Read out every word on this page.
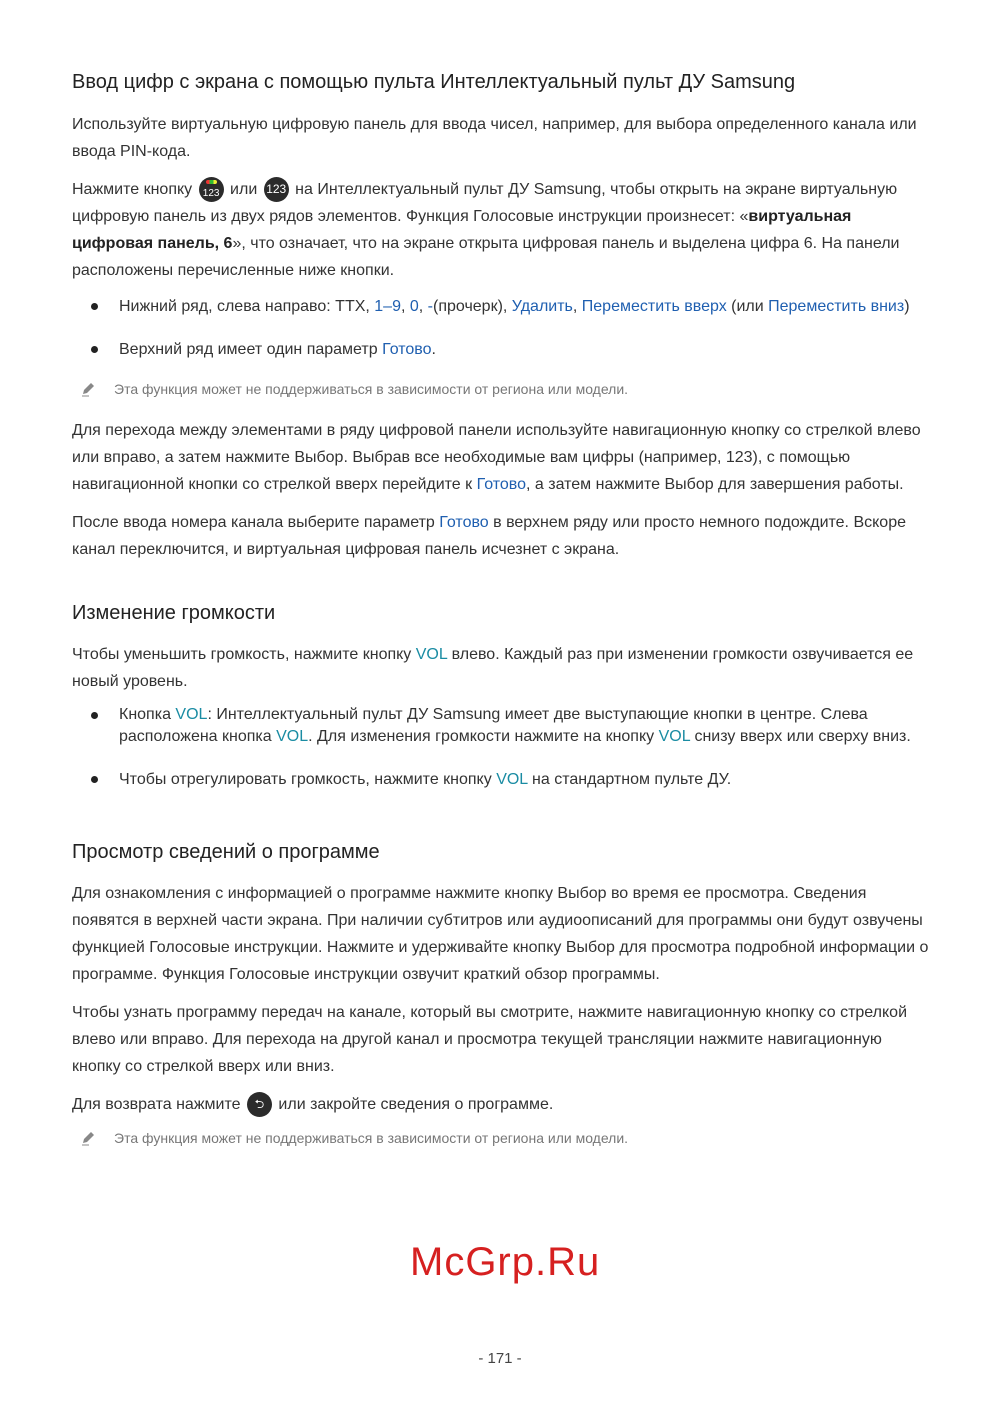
Ввод цифр с экрана с помощью пульта Интеллектуальный пульт ДУ Samsung
Используйте виртуальную цифровую панель для ввода чисел, например, для выбора определенного канала или ввода PIN-кода.
Нажмите кнопку $_{123}$ или 123 на Интеллектуальный пульт ДУ Samsung, чтобы открыть на экране виртуальную цифровую панель из двух рядов элементов. Функция Голосовые инструкции произнесет: «виртуальная цифровая панель, 6», что означает, что на экране открыта цифровая панель и выделена цифра 6. На панели расположены перечисленные ниже кнопки.
Нижний ряд, слева направо: TTX, 1–9, 0, -(прочерк), Удалить, Переместить вверх (или Переместить вниз)
Верхний ряд имеет один параметр Готово.
Эта функция может не поддерживаться в зависимости от региона или модели.
Для перехода между элементами в ряду цифровой панели используйте навигационную кнопку со стрелкой влево или вправо, а затем нажмите Выбор. Выбрав все необходимые вам цифры (например, 123), с помощью навигационной кнопки со стрелкой вверх перейдите к Готово, а затем нажмите Выбор для завершения работы.
После ввода номера канала выберите параметр Готово в верхнем ряду или просто немного подождите. Вскоре канал переключится, и виртуальная цифровая панель исчезнет с экрана.
Изменение громкости
Чтобы уменьшить громкость, нажмите кнопку VOL влево. Каждый раз при изменении громкости озвучивается ее новый уровень.
Кнопка VOL: Интеллектуальный пульт ДУ Samsung имеет две выступающие кнопки в центре. Слева расположена кнопка VOL. Для изменения громкости нажмите на кнопку VOL снизу вверх или сверху вниз.
Чтобы отрегулировать громкость, нажмите кнопку VOL на стандартном пульте ДУ.
Просмотр сведений о программе
Для ознакомления с информацией о программе нажмите кнопку Выбор во время ее просмотра. Сведения появятся в верхней части экрана. При наличии субтитров или аудиоописаний для программы они будут озвучены функцией Голосовые инструкции. Нажмите и удерживайте кнопку Выбор для просмотра подробной информации о программе. Функция Голосовые инструкции озвучит краткий обзор программы.
Чтобы узнать программу передач на канале, который вы смотрите, нажмите навигационную кнопку со стрелкой влево или вправо. Для перехода на другой канал и просмотра текущей трансляции нажмите навигационную кнопку со стрелкой вверх или вниз.
Для возврата нажмите ⮌ или закройте сведения о программе.
Эта функция может не поддерживаться в зависимости от региона или модели.
McGrp.Ru
- 171 -
